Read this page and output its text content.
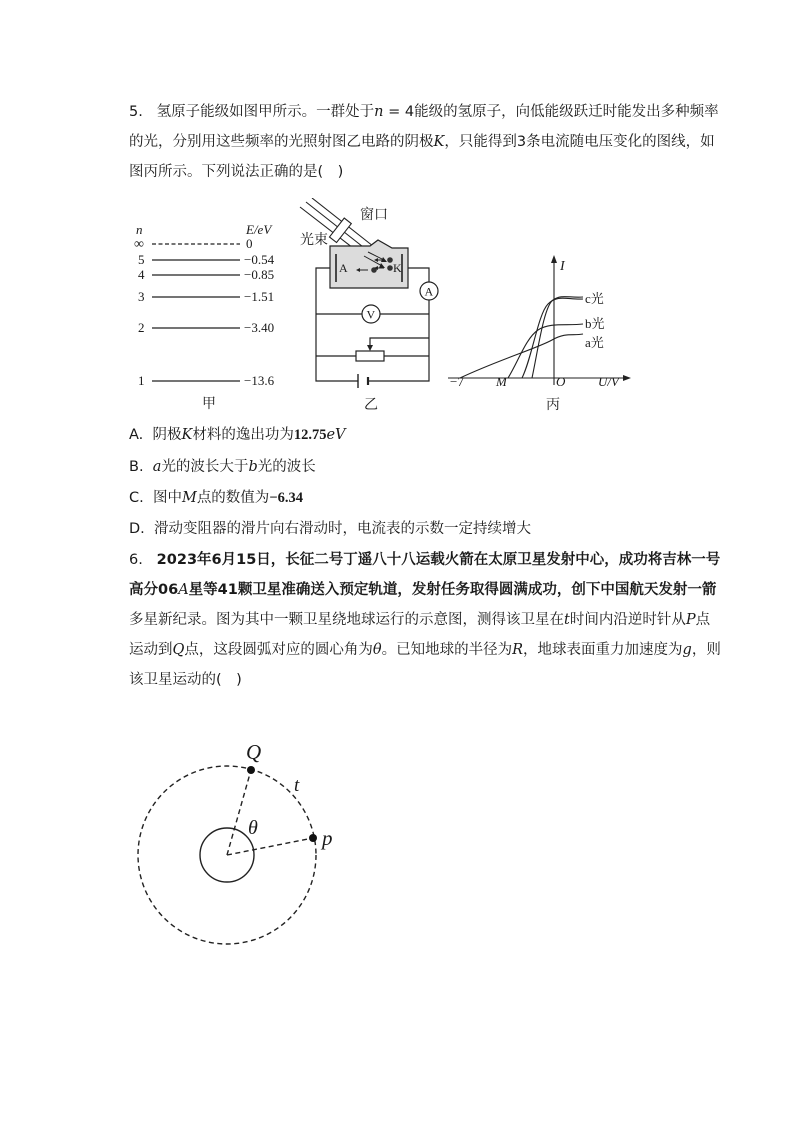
5. 氢原子能级如图甲所示。一群处于n = 4能级的氢原子，向低能级跃迁时能发出多种频率
的光，分别用这些频率的光照射图乙电路的阴极K，只能得到3条电流随电压变化的图线，如
图丙所示。下列说法正确的是(　)
n	E/eV
∞	0
5	−0.54
4	−0.85
3	−1.51
2	−3.40
1	−13.6
甲
窗口
光束
A	K
A
V
乙
I
U/V
−7 M	O
c光
b光
a光
丙
A. 阴极K材料的逸出功为12.75eV
B. a光的波长大于b光的波长
C. 图中M点的数值为−6.34
D. 滑动变阻器的滑片向右滑动时，电流表的示数一定持续增大
6. 2023年6月15日，长征二号丁遥八十八运载火箭在太原卫星发射中心，成功将吉林一号
高分06A星等41颗卫星准确送入预定轨道，发射任务取得圆满成功，创下中国航天发射一箭
多星新纪录。图为其中一颗卫星绕地球运行的示意图，测得该卫星在t时间内沿逆时针从P点
运动到Q点，这段圆弧对应的圆心角为θ。已知地球的半径为R，地球表面重力加速度为g，则
该卫星运动的(　)
Q
p
t
θ
